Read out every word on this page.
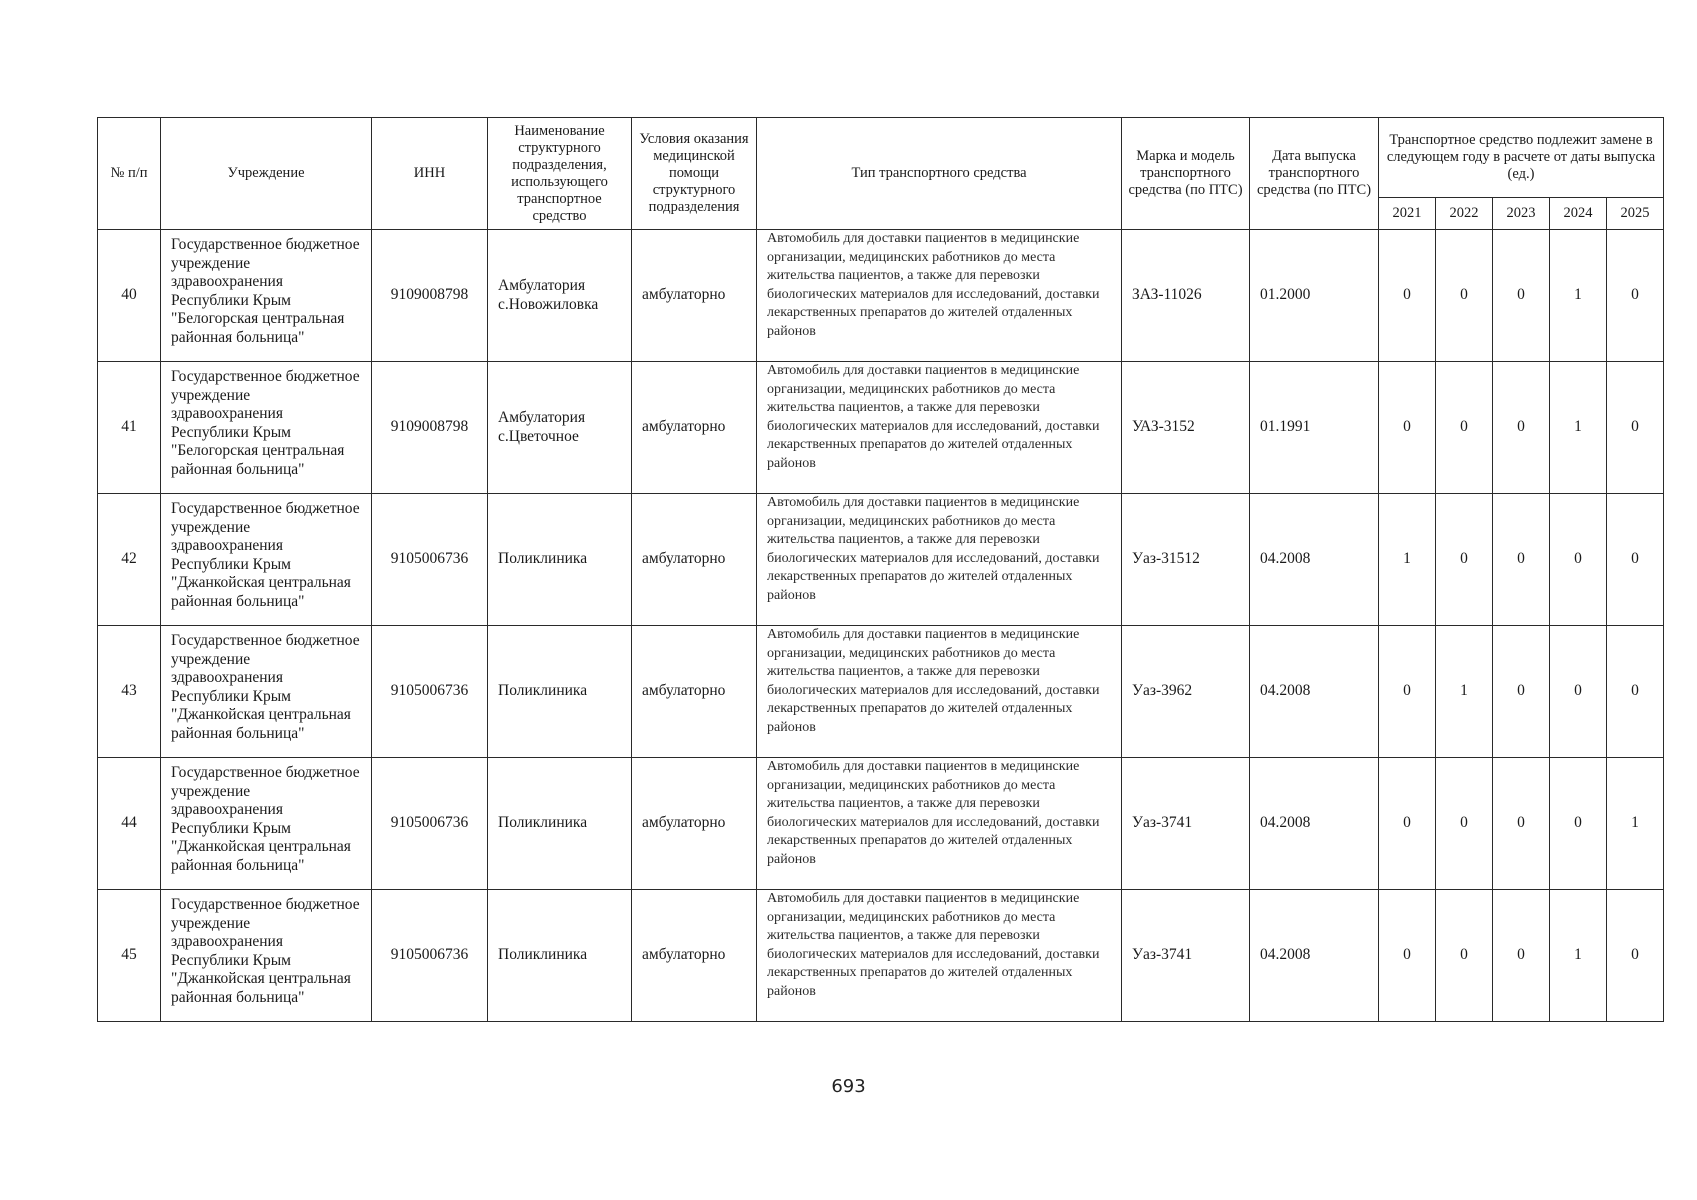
№ п/п	Учреждение	ИНН	Наименование структурного подразделения, использующего транспортное средство	Условия оказания медицинской помощи структурного подразделения	Тип транспортного средства	Марка и модель транспортного средства (по ПТС)	Дата выпуска транспортного средства (по ПТС)	Транспортное средство подлежит замене в следующем году в расчете от даты выпуска (ед.)				
								2021	2022	2023	2024	2025
40	Государственное бюджетное учреждение здравоохранения Республики Крым "Белогорская центральная районная больница"	9109008798	Амбулатория с.Новожиловка	амбулаторно	Автомобиль для доставки пациентов в медицинские организации, медицинских работников до места жительства пациентов, а также для перевозки биологических материалов для исследований, доставки лекарственных препаратов до жителей отдаленных районов	ЗАЗ-11026	01.2000	0	0	0	1	0
41	Государственное бюджетное учреждение здравоохранения Республики Крым "Белогорская центральная районная больница"	9109008798	Амбулатория с.Цветочное	амбулаторно	Автомобиль для доставки пациентов в медицинские организации, медицинских работников до места жительства пациентов, а также для перевозки биологических материалов для исследований, доставки лекарственных препаратов до жителей отдаленных районов	УАЗ-3152	01.1991	0	0	0	1	0
42	Государственное бюджетное учреждение здравоохранения Республики Крым "Джанкойская центральная районная больница"	9105006736	Поликлиника	амбулаторно	Автомобиль для доставки пациентов в медицинские организации, медицинских работников до места жительства пациентов, а также для перевозки биологических материалов для исследований, доставки лекарственных препаратов до жителей отдаленных районов	Уаз-31512	04.2008	1	0	0	0	0
43	Государственное бюджетное учреждение здравоохранения Республики Крым "Джанкойская центральная районная больница"	9105006736	Поликлиника	амбулаторно	Автомобиль для доставки пациентов в медицинские организации, медицинских работников до места жительства пациентов, а также для перевозки биологических материалов для исследований, доставки лекарственных препаратов до жителей отдаленных районов	Уаз-3962	04.2008	0	1	0	0	0
44	Государственное бюджетное учреждение здравоохранения Республики Крым "Джанкойская центральная районная больница"	9105006736	Поликлиника	амбулаторно	Автомобиль для доставки пациентов в медицинские организации, медицинских работников до места жительства пациентов, а также для перевозки биологических материалов для исследований, доставки лекарственных препаратов до жителей отдаленных районов	Уаз-3741	04.2008	0	0	0	0	1
45	Государственное бюджетное учреждение здравоохранения Республики Крым "Джанкойская центральная районная больница"	9105006736	Поликлиника	амбулаторно	Автомобиль для доставки пациентов в медицинские организации, медицинских работников до места жительства пациентов, а также для перевозки биологических материалов для исследований, доставки лекарственных препаратов до жителей отдаленных районов	Уаз-3741	04.2008	0	0	0	1	0
693
